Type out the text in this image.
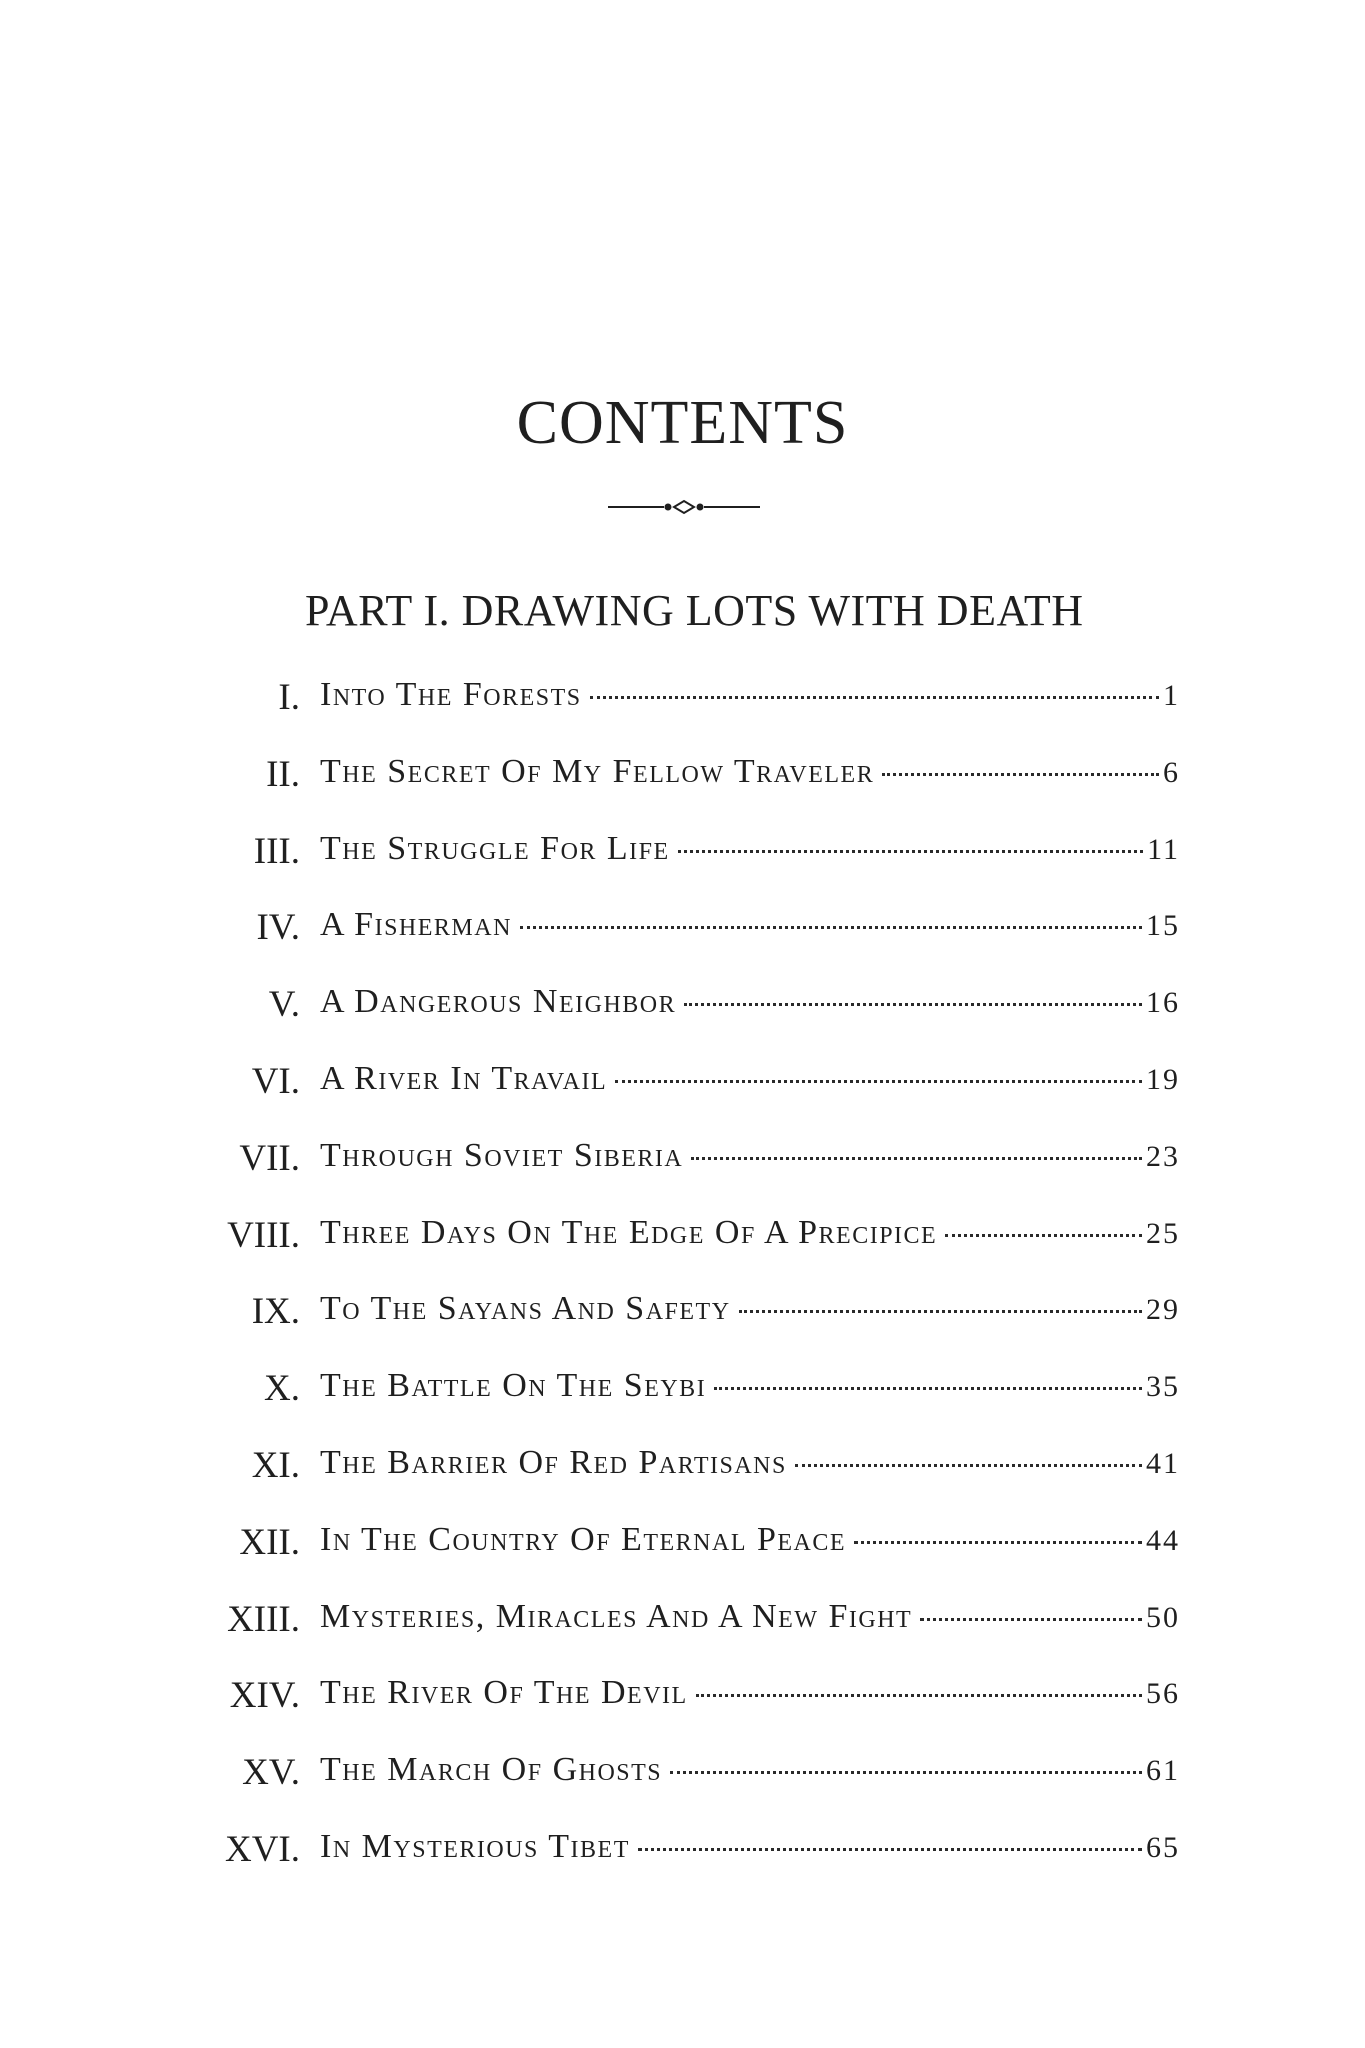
CONTENTS
PART I. DRAWING LOTS WITH DEATH
I. Into The Forests	1
II. The Secret Of My Fellow Traveler	6
III. The Struggle For Life	11
IV. A Fisherman	15
V. A Dangerous Neighbor	16
VI. A River In Travail	19
VII. Through Soviet Siberia	23
VIII. Three Days On The Edge Of A Precipice	25
IX. To The Sayans And Safety	29
X. The Battle On The Seybi	35
XI. The Barrier Of Red Partisans	41
XII. In The Country Of Eternal Peace	44
XIII. Mysteries, Miracles And A New Fight	50
XIV. The River Of The Devil	56
XV. The March Of Ghosts	61
XVI. In Mysterious Tibet	65
